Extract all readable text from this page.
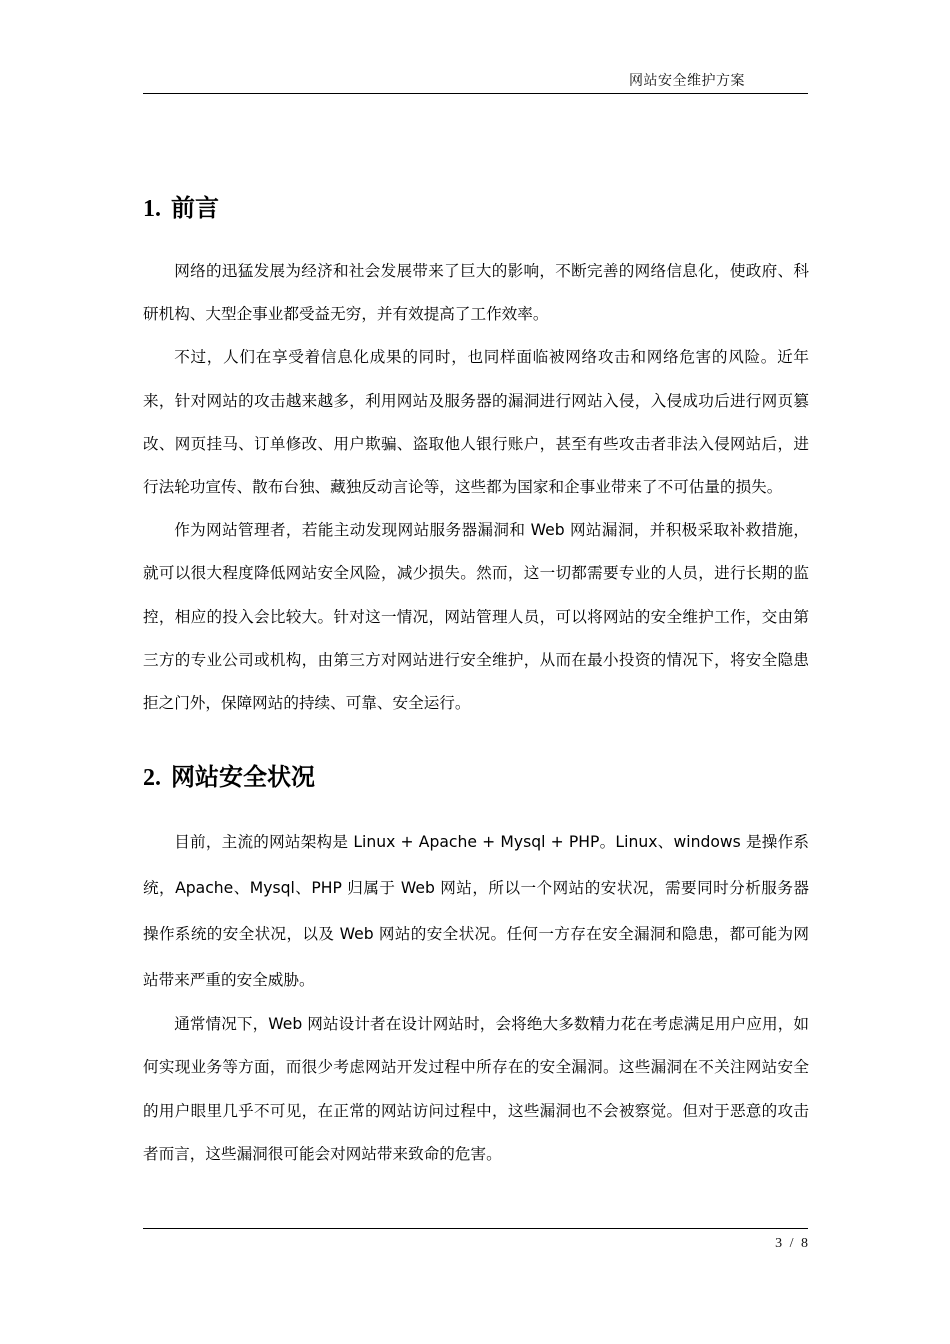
网站安全维护方案
1. 前言

网络的迅猛发展为经济和社会发展带来了巨大的影响，不断完善的网络信息化，使政府、科研机构、大型企事业都受益无穷，并有效提高了工作效率。

不过，人们在享受着信息化成果的同时，也同样面临被网络攻击和网络危害的风险。近年来，针对网站的攻击越来越多，利用网站及服务器的漏洞进行网站入侵，入侵成功后进行网页篡改、网页挂马、订单修改、用户欺骗、盗取他人银行账户，甚至有些攻击者非法入侵网站后，进行法轮功宣传、散布台独、藏独反动言论等，这些都为国家和企事业带来了不可估量的损失。

作为网站管理者，若能主动发现网站服务器漏洞和 Web 网站漏洞，并积极采取补救措施，就可以很大程度降低网站安全风险，减少损失。然而，这一切都需要专业的人员，进行长期的监控，相应的投入会比较大。针对这一情况，网站管理人员，可以将网站的安全维护工作，交由第三方的专业公司或机构，由第三方对网站进行安全维护，从而在最小投资的情况下，将安全隐患拒之门外，保障网站的持续、可靠、安全运行。

2. 网站安全状况

目前，主流的网站架构是 Linux + Apache + Mysql + PHP。Linux、windows 是操作系统，Apache、Mysql、PHP 归属于 Web 网站，所以一个网站的安状况，需要同时分析服务器操作系统的安全状况，以及 Web 网站的安全状况。任何一方存在安全漏洞和隐患，都可能为网站带来严重的安全威胁。

通常情况下，Web 网站设计者在设计网站时，会将绝大多数精力花在考虑满足用户应用，如何实现业务等方面，而很少考虑网站开发过程中所存在的安全漏洞。这些漏洞在不关注网站安全的用户眼里几乎不可见，在正常的网站访问过程中，这些漏洞也不会被察觉。但对于恶意的攻击者而言，这些漏洞很可能会对网站带来致命的危害。

3 / 8
